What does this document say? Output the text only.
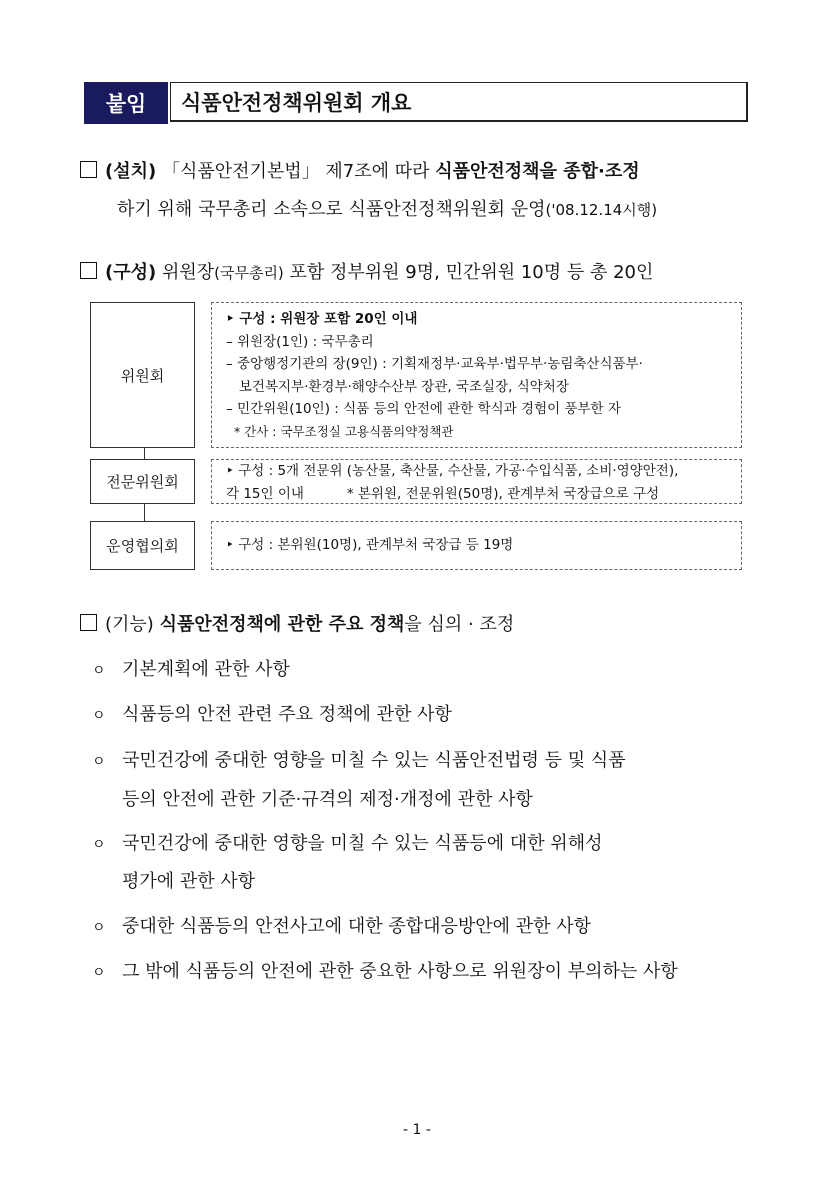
붙임	식품안전정책위원회 개요
(설치) 「식품안전기본법」 제7조에 따라 식품안전정책을 종합·조정
하기 위해 국무총리 소속으로 식품안전정책위원회 운영('08.12.14시행)
(구성) 위원장(국무총리) 포함 정부위원 9명, 민간위원 10명 등 총 20인
위원회
전문위원회
운영협의회
‣ 구성 : 위원장 포함 20인 이내
– 위원장(1인) : 국무총리
– 중앙행정기관의 장(9인) : 기획재정부·교육부·법무부·농림축산식품부·
보건복지부·환경부·해양수산부 장관, 국조실장, 식약처장
– 민간위원(10인) : 식품 등의 안전에 관한 학식과 경험이 풍부한 자
* 간사 : 국무조정실 고용식품의약정책관
‣ 구성 : 5개 전문위 (농산물, 축산물, 수산물, 가공·수입식품, 소비·영양안전),
각 15인 이내          * 본위원, 전문위원(50명), 관계부처 국장급으로 구성
‣ 구성 : 본위원(10명), 관계부처 국장급 등 19명
(기능) 식품안전정책에 관한 주요 정책을 심의 · 조정
ㅇ 기본계획에 관한 사항
ㅇ 식품등의 안전 관련 주요 정책에 관한 사항
ㅇ 국민건강에 중대한 영향을 미칠 수 있는 식품안전법령 등 및 식품
등의 안전에 관한 기준·규격의 제정·개정에 관한 사항
ㅇ 국민건강에 중대한 영향을 미칠 수 있는 식품등에 대한 위해성
평가에 관한 사항
ㅇ 중대한 식품등의 안전사고에 대한 종합대응방안에 관한 사항
ㅇ 그 밖에 식품등의 안전에 관한 중요한 사항으로 위원장이 부의하는 사항
- 1 -
